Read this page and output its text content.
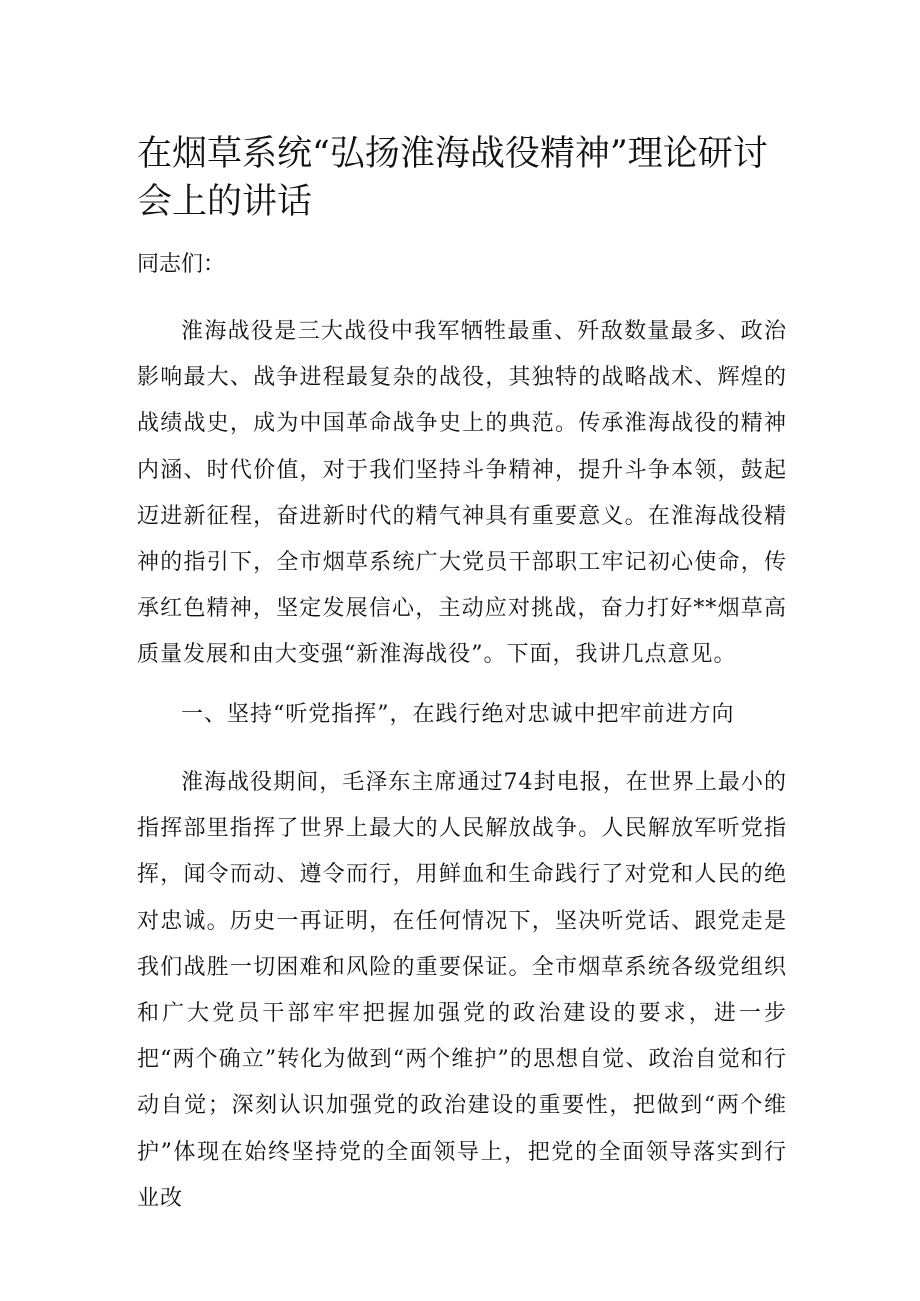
在烟草系统“弘扬淮海战役精神”理论研讨会上的讲话

同志们：

淮海战役是三大战役中我军牺牲最重、歼敌数量最多、政治影响最大、战争进程最复杂的战役，其独特的战略战术、辉煌的战绩战史，成为中国革命战争史上的典范。传承淮海战役的精神内涵、时代价值，对于我们坚持斗争精神，提升斗争本领，鼓起迈进新征程，奋进新时代的精气神具有重要意义。在淮海战役精神的指引下，全市烟草系统广大党员干部职工牢记初心使命，传承红色精神，坚定发展信心，主动应对挑战，奋力打好**烟草高质量发展和由大变强“新淮海战役”。下面，我讲几点意见。

一、坚持“听党指挥”，在践行绝对忠诚中把牢前进方向

淮海战役期间，毛泽东主席通过74封电报，在世界上最小的指挥部里指挥了世界上最大的人民解放战争。人民解放军听党指挥，闻令而动、遵令而行，用鲜血和生命践行了对党和人民的绝对忠诚。历史一再证明，在任何情况下，坚决听党话、跟党走是我们战胜一切困难和风险的重要保证。全市烟草系统各级党组织和广大党员干部牢牢把握加强党的政治建设的要求，进一步把“两个确立”转化为做到“两个维护”的思想自觉、政治自觉和行动自觉；深刻认识加强党的政治建设的重要性，把做到“两个维护”体现在始终坚持党的全面领导上，把党的全面领导落实到行业改
